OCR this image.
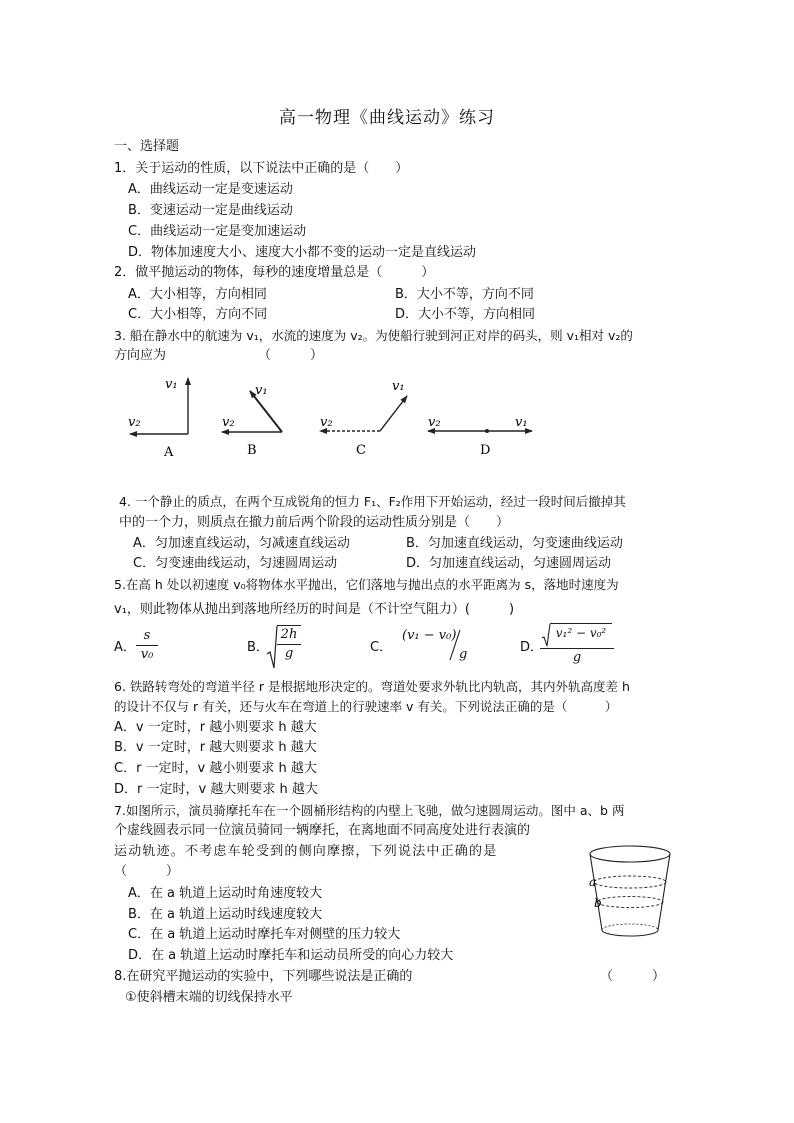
高一物理《曲线运动》练习
一、选择题
1．关于运动的性质，以下说法中正确的是（　　）
A．曲线运动一定是变速运动
B．变速运动一定是曲线运动
C．曲线运动一定是变加速运动
D．物体加速度大小、速度大小都不变的运动一定是直线运动
2．做平抛运动的物体，每秒的速度增量总是（　　　）
A．大小相等，方向相同	B．大小不等，方向不同
C．大小相等，方向不同	D．大小不等，方向相同
3. 船在静水中的航速为 v₁，水流的速度为 v₂。为使船行驶到河正对岸的码头，则 v₁相对 v₂的
方向应为	（　　　）
v₁
v₂
A
v₁
v₂
B
v₁
v₂
C
v₁
v₂
D
4. 一个静止的质点，在两个互成锐角的恒力 F₁、F₂作用下开始运动，经过一段时间后撤掉其
中的一个力，则质点在撤力前后两个阶段的运动性质分别是（　　）
A．匀加速直线运动，匀减速直线运动	B．匀加速直线运动，匀变速曲线运动
C．匀变速曲线运动，匀速圆周运动	D．匀加速直线运动，匀速圆周运动
5.在高 h 处以初速度 v₀将物体水平抛出，它们落地与抛出点的水平距离为 s，落地时速度为
v₁，则此物体从抛出到落地所经历的时间是（不计空气阻力）(　　　)
A．
s
v₀	B．
2h
g	C．
(v₁ − v₀)
g	D．
v₁² − v₀²
g
6. 铁路转弯处的弯道半径 r 是根据地形决定的。弯道处要求外轨比内轨高，其内外轨高度差 h
的设计不仅与 r 有关，还与火车在弯道上的行驶速率 v 有关。下列说法正确的是（　　　）
A．v 一定时，r 越小则要求 h 越大
B．v 一定时，r 越大则要求 h 越大
C．r 一定时，v 越小则要求 h 越大
D．r 一定时，v 越大则要求 h 越大
7.如图所示，演员骑摩托车在一个圆桶形结构的内壁上飞驰，做匀速圆周运动。图中 a、b 两
个虚线圆表示同一位演员骑同一辆摩托，在离地面不同高度处进行表演的
运动轨迹。不考虑车轮受到的侧向摩擦，下列说法中正确的是
（　　　）
A．在 a 轨道上运动时角速度较大
B．在 a 轨道上运动时线速度较大
C．在 a 轨道上运动时摩托车对侧壁的压力较大
D．在 a 轨道上运动时摩托车和运动员所受的向心力较大
a
b
8.在研究平抛运动的实验中，下列哪些说法是正确的	（　　　）
①使斜槽末端的切线保持水平
